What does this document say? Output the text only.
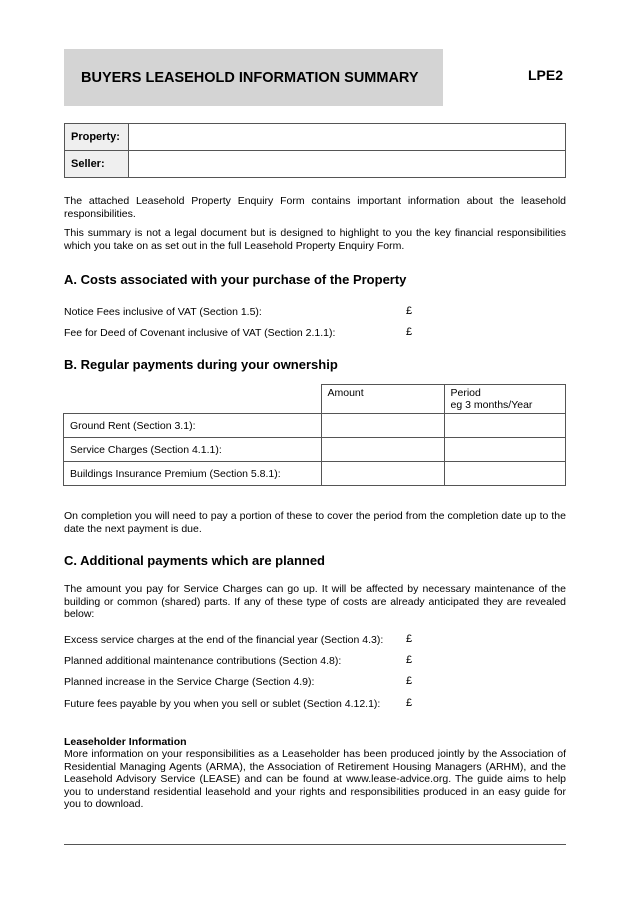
BUYERS LEASEHOLD INFORMATION SUMMARY	LPE2
Property:	
Seller:	
The attached Leasehold Property Enquiry Form contains important information about the leasehold responsibilities.
This summary is not a legal document but is designed to highlight to you the key financial responsibilities which you take on as set out in the full Leasehold Property Enquiry Form.
A. Costs associated with your purchase of the Property
Notice Fees inclusive of VAT (Section 1.5):	£
Fee for Deed of Covenant inclusive of VAT (Section 2.1.1):	£
B. Regular payments during your ownership
	Amount	Period
eg 3 months/Year

Ground Rent (Section 3.1):		
Service Charges (Section 4.1.1):		
Buildings Insurance Premium (Section 5.8.1):		
On completion you will need to pay a portion of these to cover the period from the completion date up to the date the next payment is due.
C. Additional payments which are planned
The amount you pay for Service Charges can go up. It will be affected by necessary maintenance of the building or common (shared) parts. If any of these type of costs are already anticipated they are revealed below:
Excess service charges at the end of the financial year (Section 4.3): £
Planned additional maintenance contributions (Section 4.8):	£
Planned increase in the Service Charge (Section 4.9):	£
Future fees payable by you when you sell or sublet (Section 4.12.1): £
Leaseholder Information
More information on your responsibilities as a Leaseholder has been produced jointly by the Association of Residential Managing Agents (ARMA), the Association of Retirement Housing Managers (ARHM), and the Leasehold Advisory Service (LEASE) and can be found at www.lease-advice.org. The guide aims to help you to understand residential leasehold and your rights and responsibilities produced in an easy guide for you to download.
